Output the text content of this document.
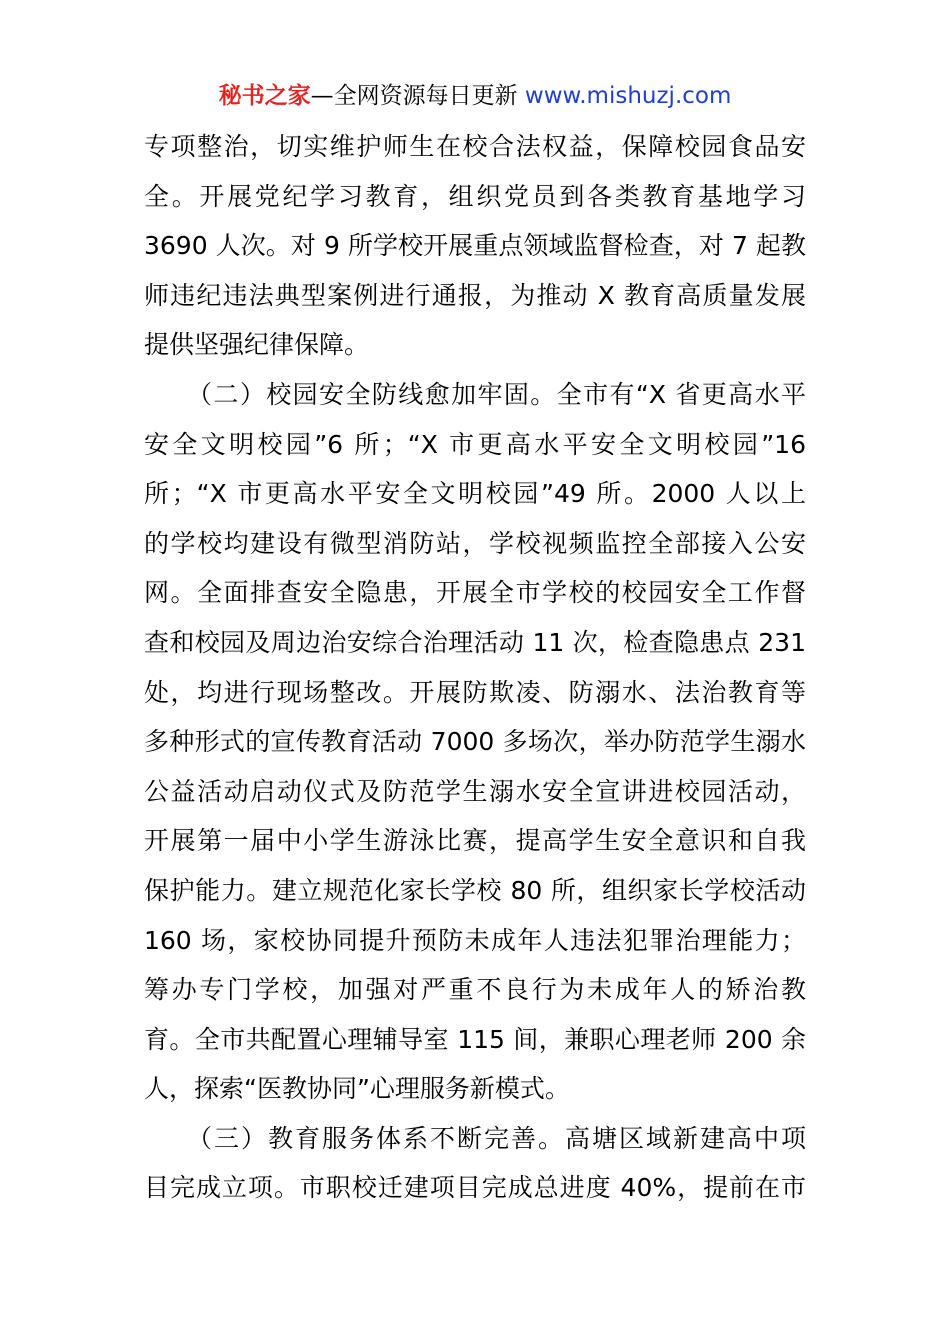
秘书之家—全网资源每日更新 www.mishuzj.com
专项整治，切实维护师生在校合法权益，保障校园食品安
全。开展党纪学习教育，组织党员到各类教育基地学习
3690 人次。对 9 所学校开展重点领域监督检查，对 7 起教
师违纪违法典型案例进行通报，为推动 X 教育高质量发展
提供坚强纪律保障。
（二）校园安全防线愈加牢固。全市有“X 省更高水平
安全文明校园”6 所；“X 市更高水平安全文明校园”16
所；“X 市更高水平安全文明校园”49 所。2000 人以上
的学校均建设有微型消防站，学校视频监控全部接入公安
网。全面排查安全隐患，开展全市学校的校园安全工作督
查和校园及周边治安综合治理活动 11 次，检查隐患点 231
处，均进行现场整改。开展防欺凌、防溺水、法治教育等
多种形式的宣传教育活动 7000 多场次，举办防范学生溺水
公益活动启动仪式及防范学生溺水安全宣讲进校园活动，
开展第一届中小学生游泳比赛，提高学生安全意识和自我
保护能力。建立规范化家长学校 80 所，组织家长学校活动
160 场，家校协同提升预防未成年人违法犯罪治理能力；
筹办专门学校，加强对严重不良行为未成年人的矫治教
育。全市共配置心理辅导室 115 间，兼职心理老师 200 余
人，探索“医教协同”心理服务新模式。
（三）教育服务体系不断完善。高塘区域新建高中项
目完成立项。市职校迁建项目完成总进度 40%，提前在市
